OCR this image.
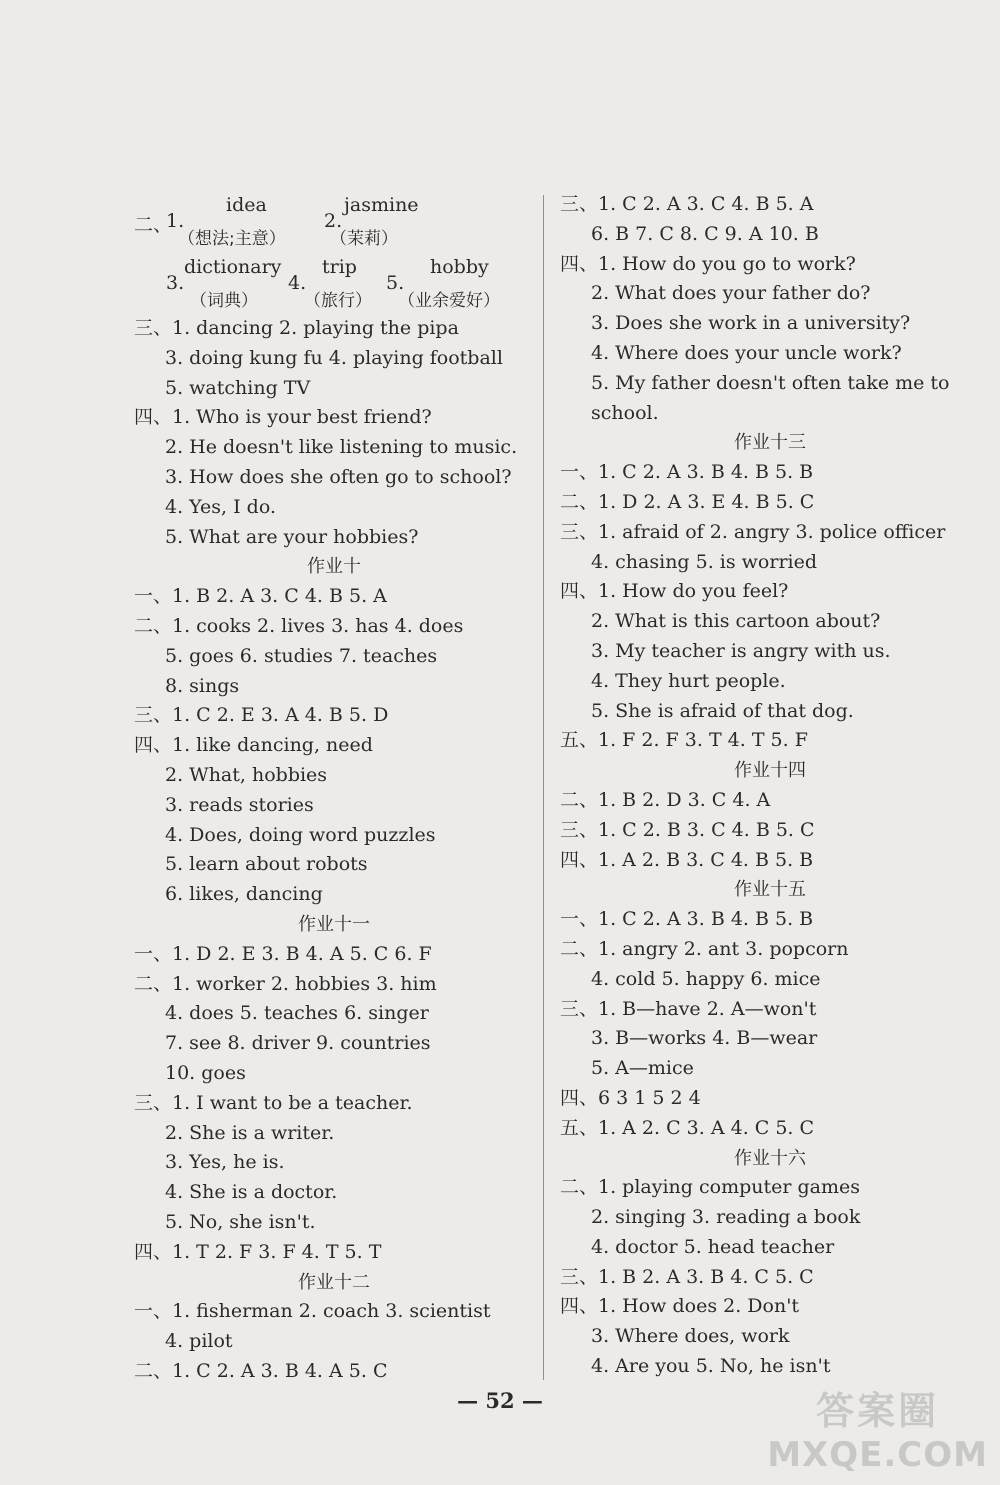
二、
1.
idea
（想法;主意）
2.
jasmine
（茉莉）
3.
dictionary
（词典）
4.
trip
（旅行）
5.
hobby
（业余爱好）
三、1. dancing 2. playing the pipa
3. doing kung fu 4. playing football
5. watching TV
四、1. Who is your best friend?
2. He doesn't like listening to music.
3. How does she often go to school?
4. Yes, I do.
5. What are your hobbies?
作业十
一、1. B 2. A 3. C 4. B 5. A
二、1. cooks 2. lives 3. has 4. does
5. goes 6. studies 7. teaches
8. sings
三、1. C 2. E 3. A 4. B 5. D
四、1. like dancing, need
2. What, hobbies
3. reads stories
4. Does, doing word puzzles
5. learn about robots
6. likes, dancing
作业十一
一、1. D 2. E 3. B 4. A 5. C 6. F
二、1. worker 2. hobbies 3. him
4. does 5. teaches 6. singer
7. see 8. driver 9. countries
10. goes
三、1. I want to be a teacher.
2. She is a writer.
3. Yes, he is.
4. She is a doctor.
5. No, she isn't.
四、1. T 2. F 3. F 4. T 5. T
作业十二
一、1. fisherman 2. coach 3. scientist
4. pilot
二、1. C 2. A 3. B 4. A 5. C
三、1. C 2. A 3. C 4. B 5. A
6. B 7. C 8. C 9. A 10. B
四、1. How do you go to work?
2. What does your father do?
3. Does she work in a university?
4. Where does your uncle work?
5. My father doesn't often take me to
school.
作业十三
一、1. C 2. A 3. B 4. B 5. B
二、1. D 2. A 3. E 4. B 5. C
三、1. afraid of 2. angry 3. police officer
4. chasing 5. is worried
四、1. How do you feel?
2. What is this cartoon about?
3. My teacher is angry with us.
4. They hurt people.
5. She is afraid of that dog.
五、1. F 2. F 3. T 4. T 5. F
作业十四
二、1. B 2. D 3. C 4. A
三、1. C 2. B 3. C 4. B 5. C
四、1. A 2. B 3. C 4. B 5. B
作业十五
一、1. C 2. A 3. B 4. B 5. B
二、1. angry 2. ant 3. popcorn
4. cold 5. happy 6. mice
三、1. B—have 2. A—won't
3. B—works 4. B—wear
5. A—mice
四、6 3 1 5 2 4
五、1. A 2. C 3. A 4. C 5. C
作业十六
二、1. playing computer games
2. singing 3. reading a book
4. doctor 5. head teacher
三、1. B 2. A 3. B 4. C 5. C
四、1. How does 2. Don't
3. Where does, work
4. Are you 5. No, he isn't
— 52 —	答案圈
MXQE.COM
